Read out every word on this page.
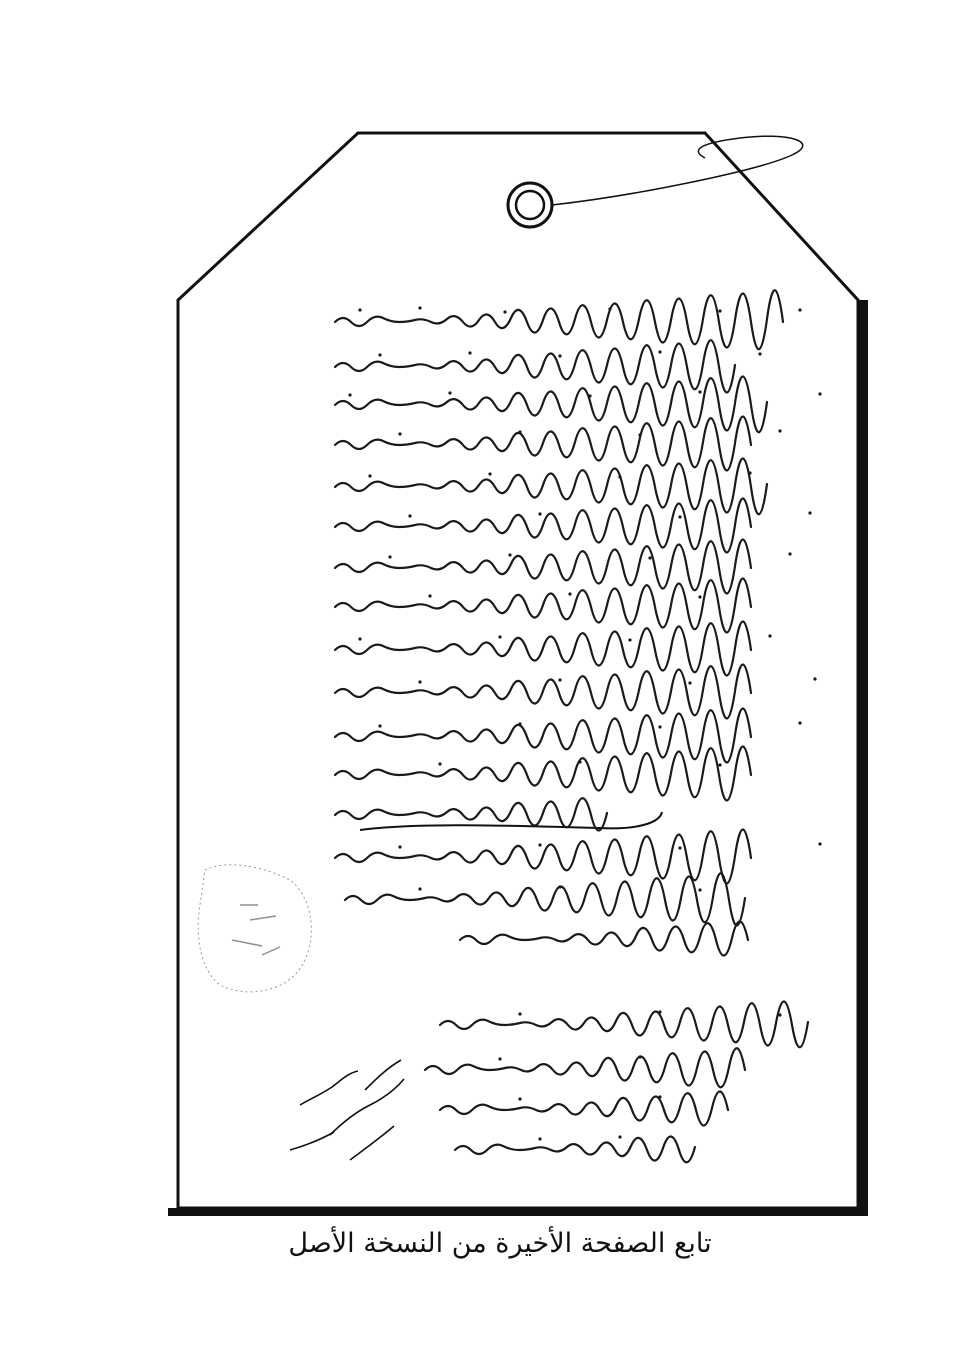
تابع الصفحة الأخيرة من النسخة الأصل
